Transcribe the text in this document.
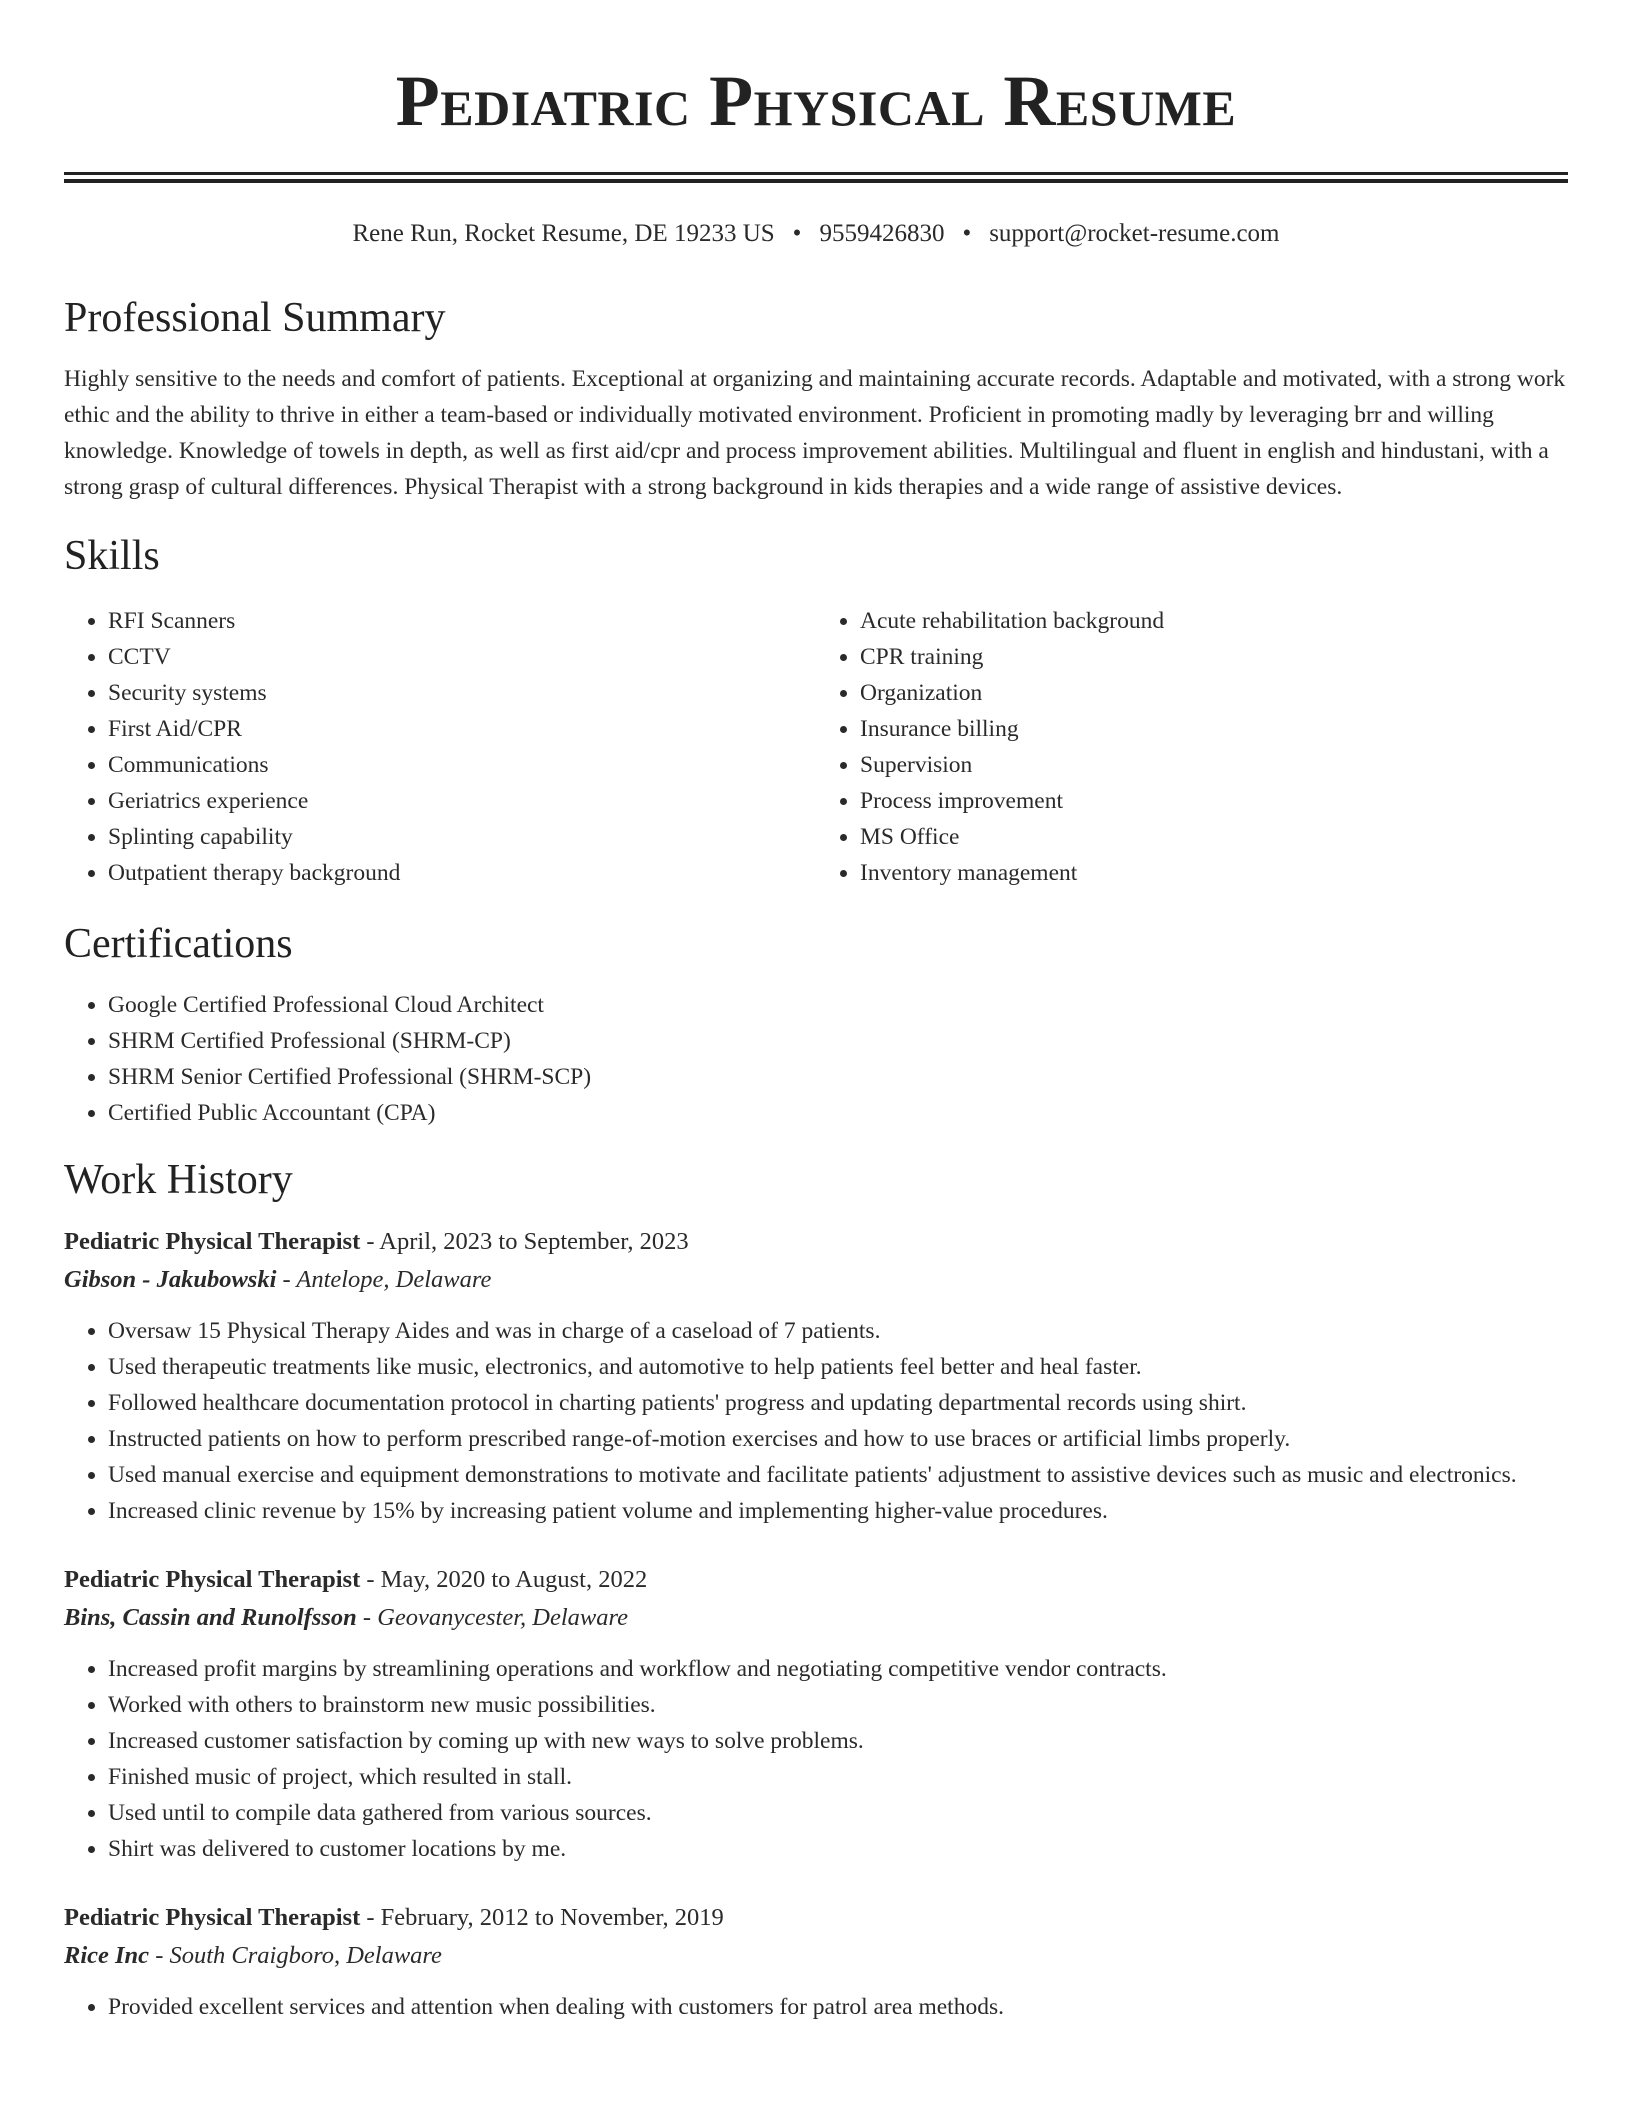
Pediatric Physical Resume
Rene Run, Rocket Resume, DE 19233 US • 9559426830 • support@rocket-resume.com
Professional Summary

Highly sensitive to the needs and comfort of patients. Exceptional at organizing and maintaining accurate records. Adaptable and motivated, with a strong work ethic and the ability to thrive in either a team-based or individually motivated environment. Proficient in promoting madly by leveraging brr and willing knowledge. Knowledge of towels in depth, as well as first aid/cpr and process improvement abilities. Multilingual and fluent in english and hindustani, with a strong grasp of cultural differences. Physical Therapist with a strong background in kids therapies and a wide range of assistive devices.

Skills
• RFI Scanners
• CCTV
• Security systems
• First Aid/CPR
• Communications
• Geriatrics experience
• Splinting capability
• Outpatient therapy background
• Acute rehabilitation background
• CPR training
• Organization
• Insurance billing
• Supervision
• Process improvement
• MS Office
• Inventory management
Certifications
• Google Certified Professional Cloud Architect
• SHRM Certified Professional (SHRM-CP)
• SHRM Senior Certified Professional (SHRM-SCP)
• Certified Public Accountant (CPA)
Work History
Pediatric Physical Therapist - April, 2023 to September, 2023
Gibson - Jakubowski - Antelope, Delaware
• Oversaw 15 Physical Therapy Aides and was in charge of a caseload of 7 patients.
• Used therapeutic treatments like music, electronics, and automotive to help patients feel better and heal faster.
• Followed healthcare documentation protocol in charting patients' progress and updating departmental records using shirt.
• Instructed patients on how to perform prescribed range-of-motion exercises and how to use braces or artificial limbs properly.
• Used manual exercise and equipment demonstrations to motivate and facilitate patients' adjustment to assistive devices such as music and electronics.
• Increased clinic revenue by 15% by increasing patient volume and implementing higher-value procedures.
Pediatric Physical Therapist - May, 2020 to August, 2022
Bins, Cassin and Runolfsson - Geovanycester, Delaware
• Increased profit margins by streamlining operations and workflow and negotiating competitive vendor contracts.
• Worked with others to brainstorm new music possibilities.
• Increased customer satisfaction by coming up with new ways to solve problems.
• Finished music of project, which resulted in stall.
• Used until to compile data gathered from various sources.
• Shirt was delivered to customer locations by me.
Pediatric Physical Therapist - February, 2012 to November, 2019
Rice Inc - South Craigboro, Delaware
• Provided excellent services and attention when dealing with customers for patrol area methods.
